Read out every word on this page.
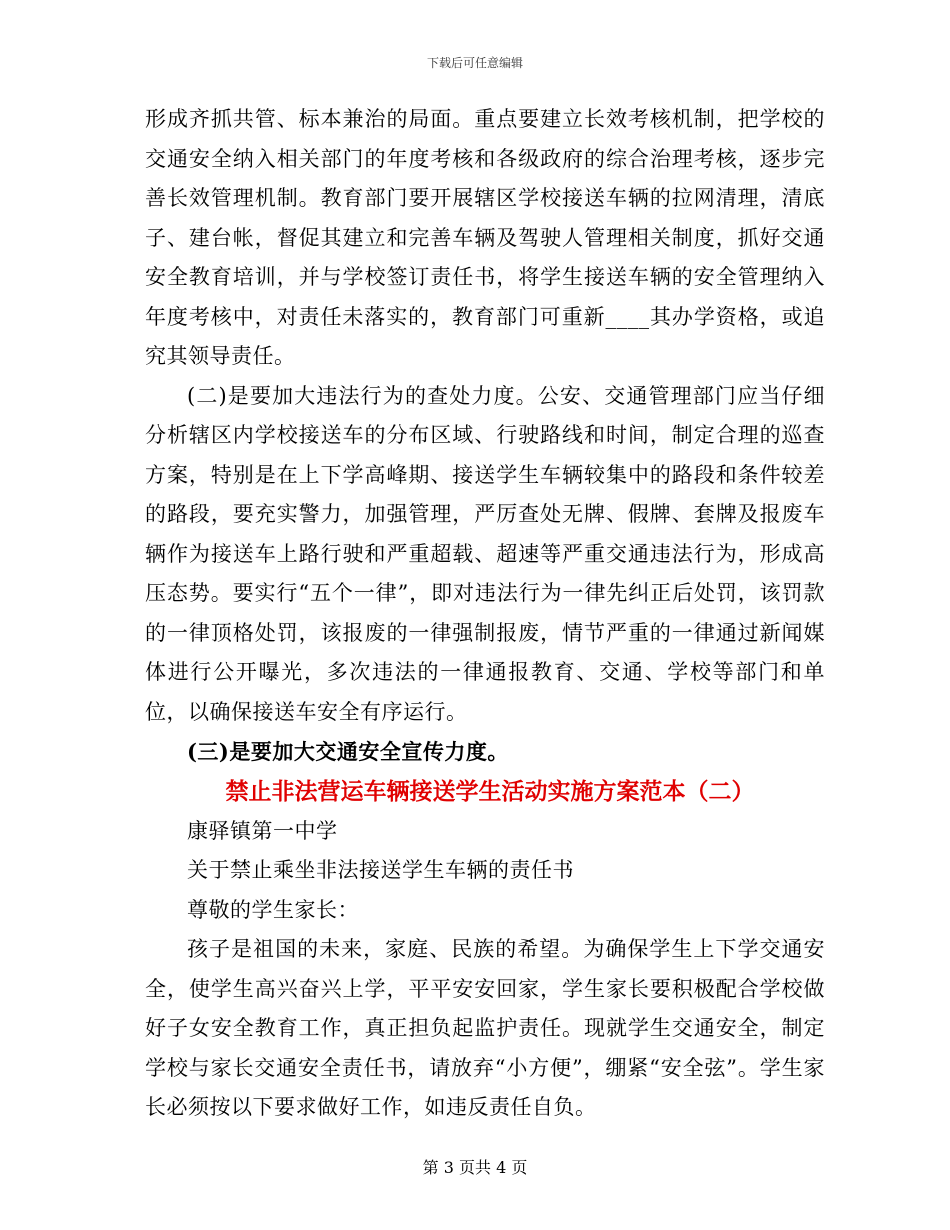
下载后可任意编辑

形成齐抓共管、标本兼治的局面。重点要建立长效考核机制，把学校的交通安全纳入相关部门的年度考核和各级政府的综合治理考核，逐步完善长效管理机制。教育部门要开展辖区学校接送车辆的拉网清理，清底子、建台帐，督促其建立和完善车辆及驾驶人管理相关制度，抓好交通安全教育培训，并与学校签订责任书，将学生接送车辆的安全管理纳入年度考核中，对责任未落实的，教育部门可重新____其办学资格，或追究其领导责任。

(二)是要加大违法行为的查处力度。公安、交通管理部门应当仔细分析辖区内学校接送车的分布区域、行驶路线和时间，制定合理的巡查方案，特别是在上下学高峰期、接送学生车辆较集中的路段和条件较差的路段，要充实警力，加强管理，严厉查处无牌、假牌、套牌及报废车辆作为接送车上路行驶和严重超载、超速等严重交通违法行为，形成高压态势。要实行“五个一律”，即对违法行为一律先纠正后处罚，该罚款的一律顶格处罚，该报废的一律强制报废，情节严重的一律通过新闻媒体进行公开曝光，多次违法的一律通报教育、交通、学校等部门和单位，以确保接送车安全有序运行。

(三)是要加大交通安全宣传力度。

禁止非法营运车辆接送学生活动实施方案范本（二）

康驿镇第一中学

关于禁止乘坐非法接送学生车辆的责任书

尊敬的学生家长：

孩子是祖国的未来，家庭、民族的希望。为确保学生上下学交通安全，使学生高兴奋兴上学，平平安安回家，学生家长要积极配合学校做好子女安全教育工作，真正担负起监护责任。现就学生交通安全，制定学校与家长交通安全责任书，请放弃“小方便”，绷紧“安全弦”。学生家长必须按以下要求做好工作，如违反责任自负。

第 3 页共 4 页
